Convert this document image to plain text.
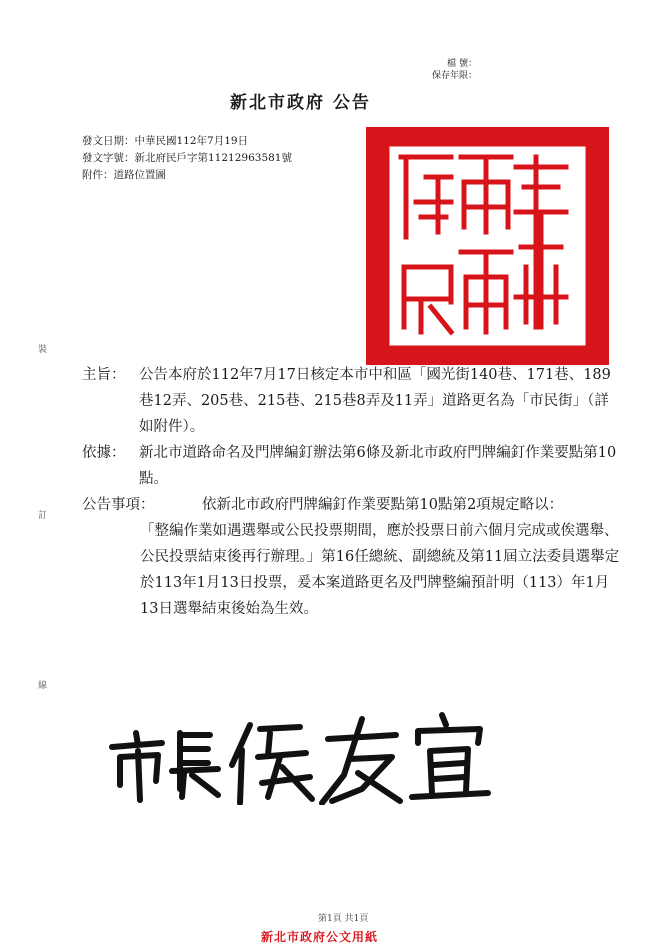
檔 號：
保存年限：
新北市政府 公告
發文日期：中華民國112年7月19日
發文字號：新北府民戶字第11212963581號
附件：道路位置圖
主旨： 公告本府於112年7月17日核定本市中和區「國光街140巷、171巷、189巷12弄、205巷、215巷、215巷8弄及11弄」道路更名為「市民街」（詳如附件）。
依據： 新北市道路命名及門牌編釘辦法第6條及新北市政府門牌編釘作業要點第10點。
公告事項：	依新北市政府門牌編釘作業要點第10點第2項規定略以：
「整編作業如遇選舉或公民投票期間，應於投票日前六個月完成或俟選舉、公民投票結束後再行辦理。」第16任總統、副總統及第11屆立法委員選舉定於113年1月13日投票，爰本案道路更名及門牌整編預計明（113）年1月13日選舉結束後始為生效。
裝
訂
線
第1頁 共1頁
新北市政府公文用紙
